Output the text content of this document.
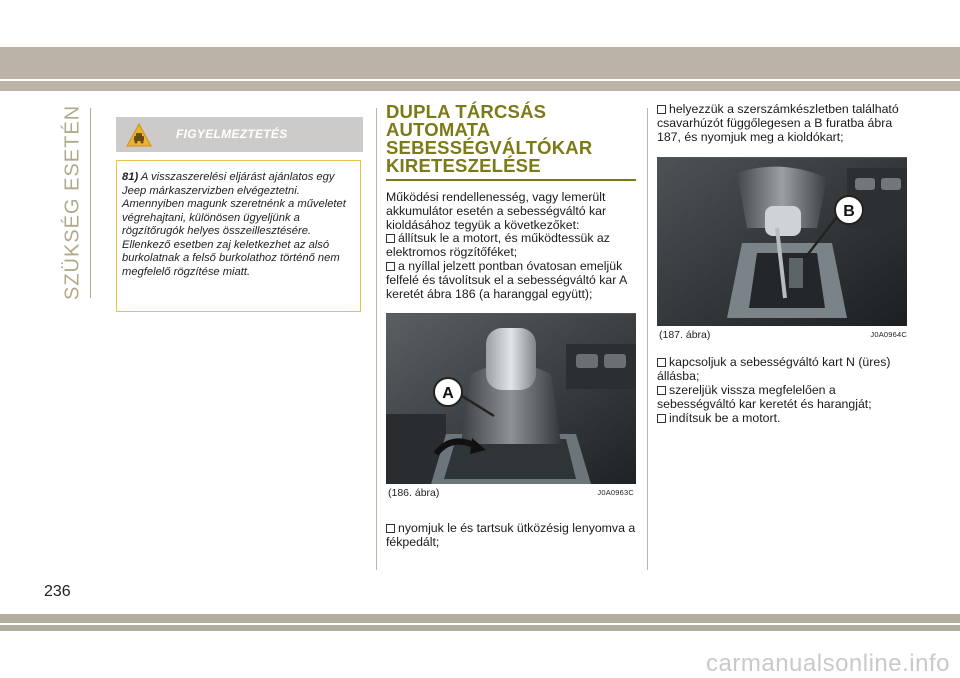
SZÜKSÉG ESETÉN	FIGYELMEZTETÉS
81) A visszaszerelési eljárást ajánlatos egy Jeep márkaszervizben elvégeztetni. Amennyiben magunk szeretnénk a műveletet végrehajtani, különösen ügyeljünk a rögzítőrugók helyes összeillesztésére. Ellenkező esetben zaj keletkezhet az alsó burkolatnak a felső burkolathoz történő nem megfelelő rögzítése miatt.
DUPLA TÁRCSÁS
AUTOMATA
SEBESSÉGVÁLTÓKAR
KIRETESZELÉSE

Működési rendellenesség, vagy lemerült akkumulátor esetén a sebességváltó kar kioldásához tegyük a következőket:

állítsuk le a motort, és működtessük az elektromos rögzítőféket;
a nyíllal jelzett pontban óvatosan emeljük felfelé és távolítsuk el a sebességváltó kar A keretét ábra 186 (a haranggal együtt);

A
(186. ábra)	J0A0963C

nyomjuk le és tartsuk ütközésig lenyomva a fékpedált;

helyezzük a szerszámkészletben található csavarhúzót függőlegesen a B furatba ábra 187, és nyomjuk meg a kioldókart;

B
(187. ábra)	J0A0964C

kapcsoljuk a sebességváltó kart N (üres) állásba;
szereljük vissza megfelelően a sebességváltó kar keretét és harangját;
indítsuk be a motort.

236
carmanualsonline.info
